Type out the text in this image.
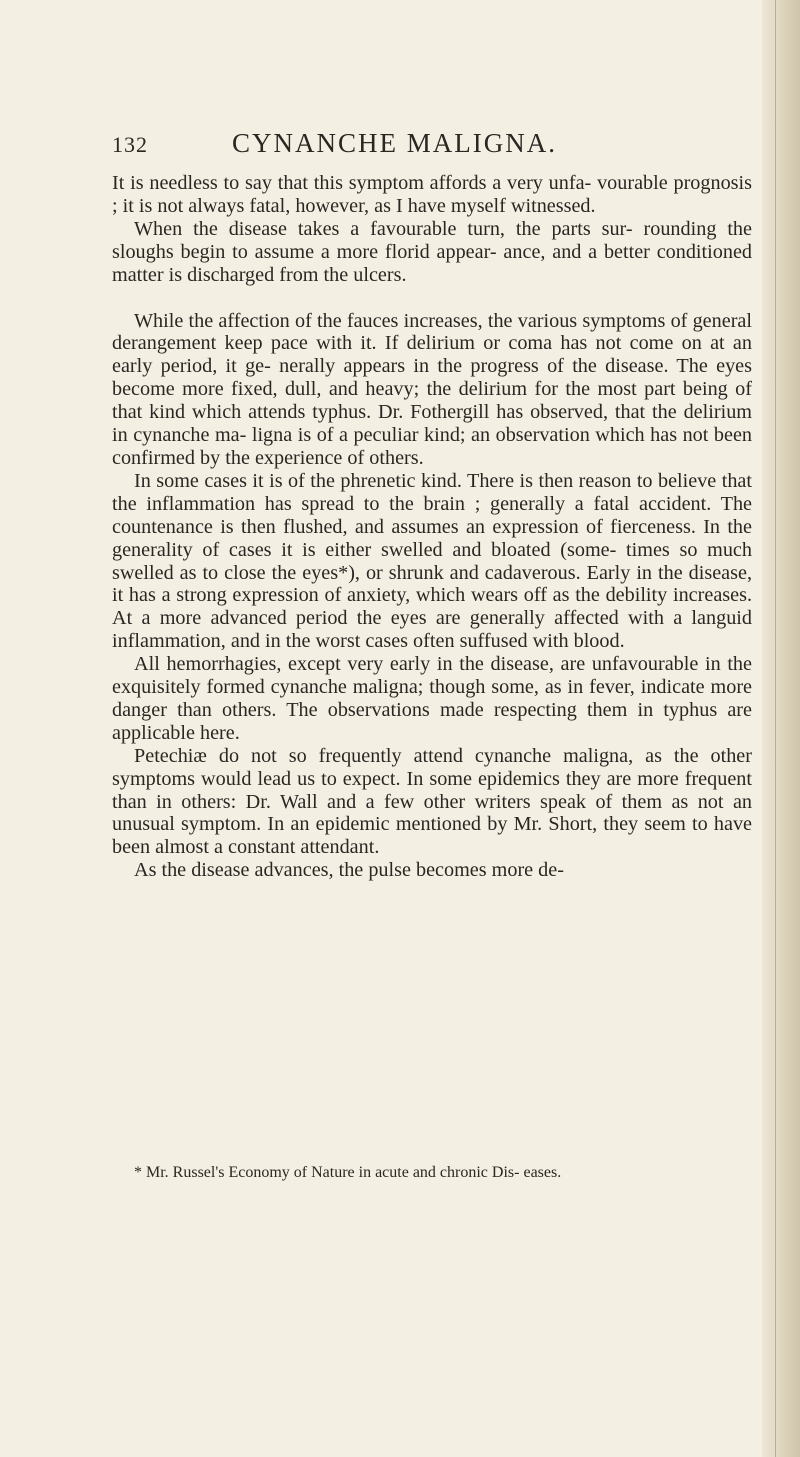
132	CYNANCHE MALIGNA.

It is needless to say that this symptom affords a very unfa- vourable prognosis ; it is not always fatal, however, as I have myself witnessed.

When the disease takes a favourable turn, the parts sur- rounding the sloughs begin to assume a more florid appear- ance, and a better conditioned matter is discharged from the ulcers.

While the affection of the fauces increases, the various symptoms of general derangement keep pace with it. If delirium or coma has not come on at an early period, it ge- nerally appears in the progress of the disease. The eyes become more fixed, dull, and heavy; the delirium for the most part being of that kind which attends typhus. Dr. Fothergill has observed, that the delirium in cynanche ma- ligna is of a peculiar kind; an observation which has not been confirmed by the experience of others.

In some cases it is of the phrenetic kind. There is then reason to believe that the inflammation has spread to the brain ; generally a fatal accident. The countenance is then flushed, and assumes an expression of fierceness. In the generality of cases it is either swelled and bloated (some- times so much swelled as to close the eyes*), or shrunk and cadaverous. Early in the disease, it has a strong expression of anxiety, which wears off as the debility increases. At a more advanced period the eyes are generally affected with a languid inflammation, and in the worst cases often suffused with blood.

All hemorrhagies, except very early in the disease, are unfavourable in the exquisitely formed cynanche maligna; though some, as in fever, indicate more danger than others. The observations made respecting them in typhus are applicable here.

Petechiæ do not so frequently attend cynanche maligna, as the other symptoms would lead us to expect. In some epidemics they are more frequent than in others: Dr. Wall and a few other writers speak of them as not an unusual symptom. In an epidemic mentioned by Mr. Short, they seem to have been almost a constant attendant.

As the disease advances, the pulse becomes more de-

* Mr. Russel's Economy of Nature in acute and chronic Dis- eases.
